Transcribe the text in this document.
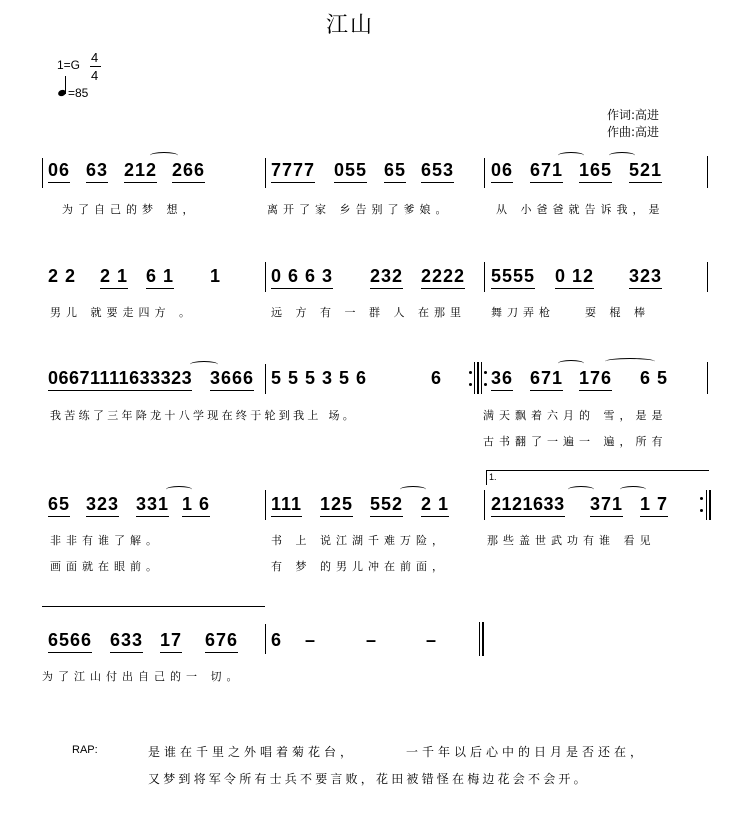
江山
1=G 4
4
=85
作词:高进
作曲:高进
06 63 212 266	7777 055 65 653 06 671 165 521
为了自己的梦 想，	离开了家 乡告别了爹娘。	从 小爸爸就告诉我，是
2 2 2 1 6 1 1	0 6 6 3 232 2222 5555 0 12 323
男儿 就要走四方 。	远 方 有 一 群 人 在那里 舞刀弄枪	耍 棍 棒
06671111633323 3666 5 5 5 3 5 6	6	36 671 176 6 5
我苦练了三年降龙十八学现在终于轮到我上 场。	满天飘着六月的 雪，是是
古书翻了一遍一 遍，所有
65 323 331 1 6	111 125 552 2 1
1.
2121633 371 1 7
非非有谁了解。
画面就在眼前。
书 上 说江湖千难万险，
有 梦 的男儿冲在前面，
那些盖世武功有谁 看见
6566 633 17 676 6 –	–	–
为了江山付出自己的一 切。
RAP:	是谁在千里之外唱着菊花台，	一千年以后心中的日月是否还在，
又梦到将军令所有士兵不要言败，花田被错怪在梅边花会不会开。
